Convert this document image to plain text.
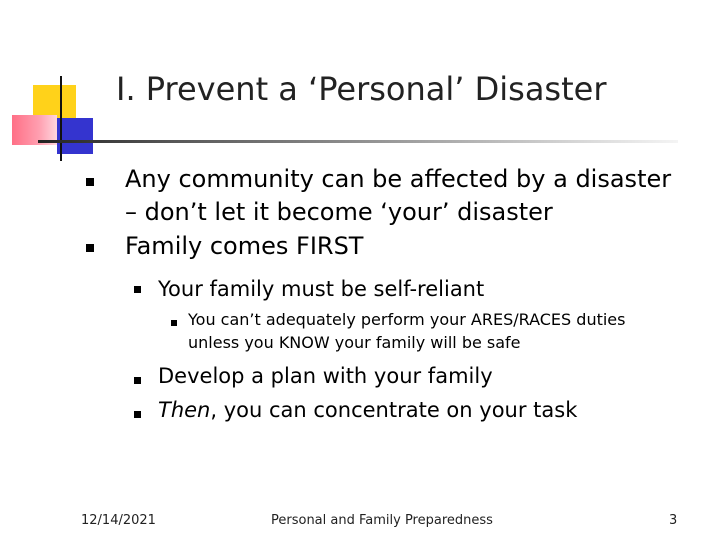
I. Prevent a ‘Personal’ Disaster
Any community can be affected by a disaster
– don’t let it become ‘your’ disaster
Family comes FIRST
Your family must be self-reliant
You can’t adequately perform your ARES/RACES duties
unless you KNOW your family will be safe
Develop a plan with your family
Then, you can concentrate on your task
12/14/2021	Personal and Family Preparedness	3
